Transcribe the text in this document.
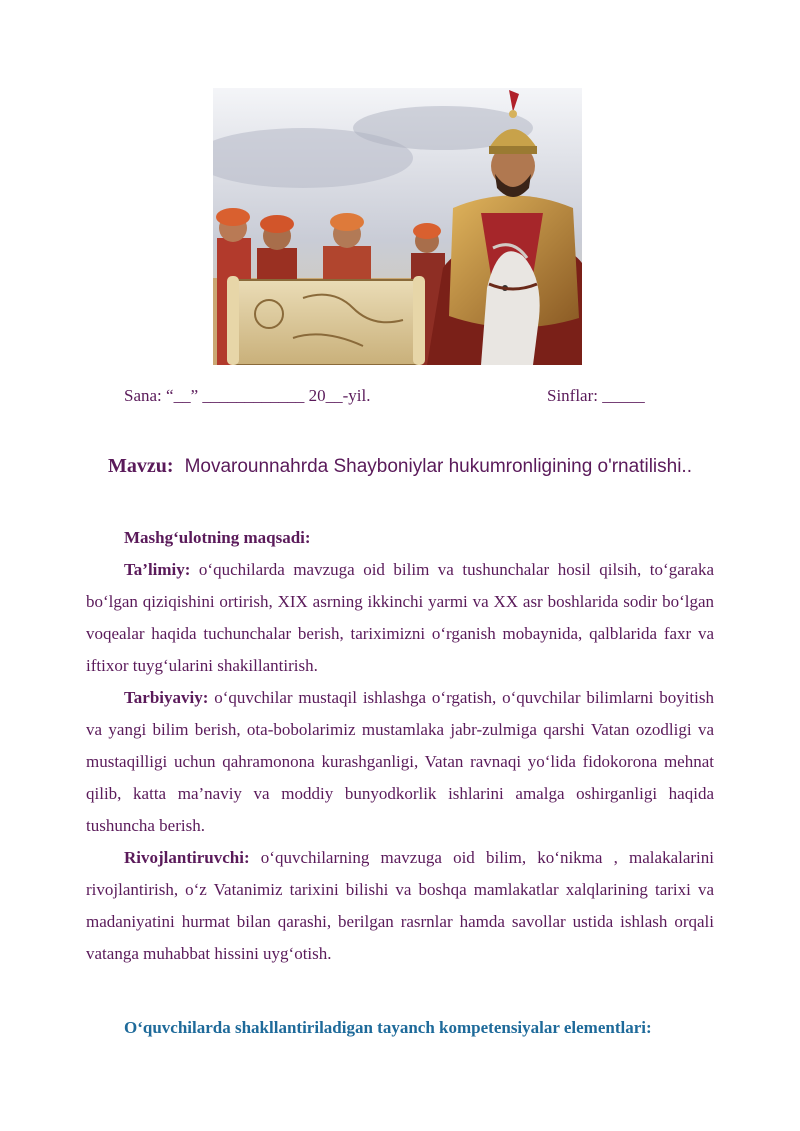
Sana: “__” ____________ 20__-yil.	Sinflar: _____
Mavzu: Movarounnahrda Shayboniylar hukumronligining o'rnatilishi..

Mashg‘ulotning maqsadi:

Ta’limiy: o‘quchilarda mavzuga oid bilim va tushunchalar hosil qilsih, to‘garaka bo‘lgan qiziqishini ortirish, XIX asrning ikkinchi yarmi va XX asr boshlarida sodir bo‘lgan voqealar haqida tuchunchalar berish, tariximizni o‘rganish mobaynida, qalblarida faxr va iftixor tuyg‘ularini shakillantirish.

Tarbiyaviy: o‘quvchilar mustaqil ishlashga o‘rgatish, o‘quvchilar bilimlarni boyitish va yangi bilim berish, ota-bobolarimiz mustamlaka jabr-zulmiga qarshi Vatan ozodligi va mustaqilligi uchun qahramonona kurashganligi, Vatan ravnaqi yo‘lida fidokorona mehnat qilib, katta ma’naviy va moddiy bunyodkorlik ishlarini amalga oshirganligi haqida tushuncha berish.

Rivojlantiruvchi: o‘quvchilarning mavzuga oid bilim, ko‘nikma , malakalarini rivojlantirish, o‘z Vatanimiz tarixini bilishi va boshqa mamlakatlar xalqlarining tarixi va madaniyatini hurmat bilan qarashi, berilgan rasrnlar hamda savollar ustida ishlash orqali vatanga muhabbat hissini uyg‘otish.

O‘quvchilarda shakllantiriladigan tayanch kompetensiyalar elementlari:
